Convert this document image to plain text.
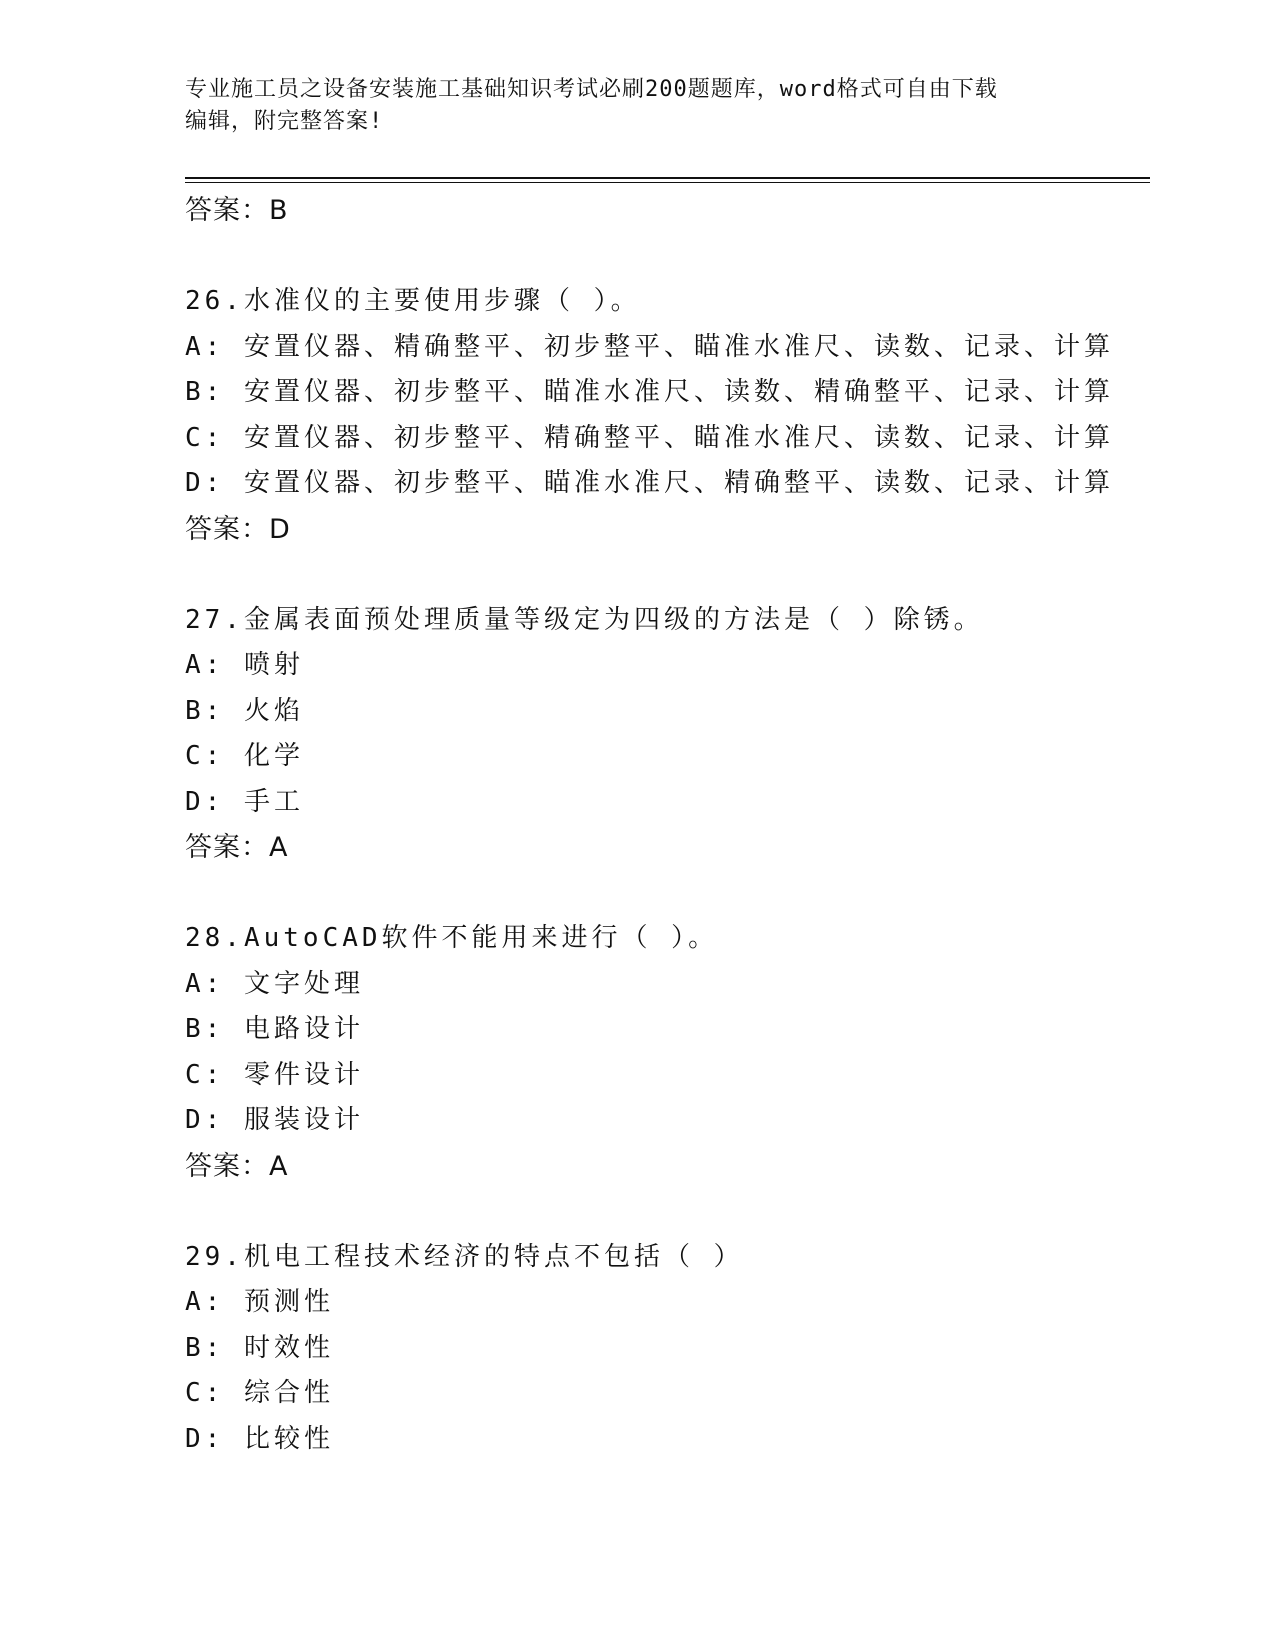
专业施工员之设备安装施工基础知识考试必刷200题题库，word格式可自由下载
编辑，附完整答案!
答案：B
26.水准仪的主要使用步骤（ ）。
A: 安置仪器、精确整平、初步整平、瞄准水准尺、读数、记录、计算
B: 安置仪器、初步整平、瞄准水准尺、读数、精确整平、记录、计算
C: 安置仪器、初步整平、精确整平、瞄准水准尺、读数、记录、计算
D: 安置仪器、初步整平、瞄准水准尺、精确整平、读数、记录、计算
答案：D
27.金属表面预处理质量等级定为四级的方法是（ ）除锈。
A: 喷射
B: 火焰
C: 化学
D: 手工
答案：A
28.AutoCAD软件不能用来进行（ ）。
A: 文字处理
B: 电路设计
C: 零件设计
D: 服装设计
答案：A
29.机电工程技术经济的特点不包括（ ）
A: 预测性
B: 时效性
C: 综合性
D: 比较性
